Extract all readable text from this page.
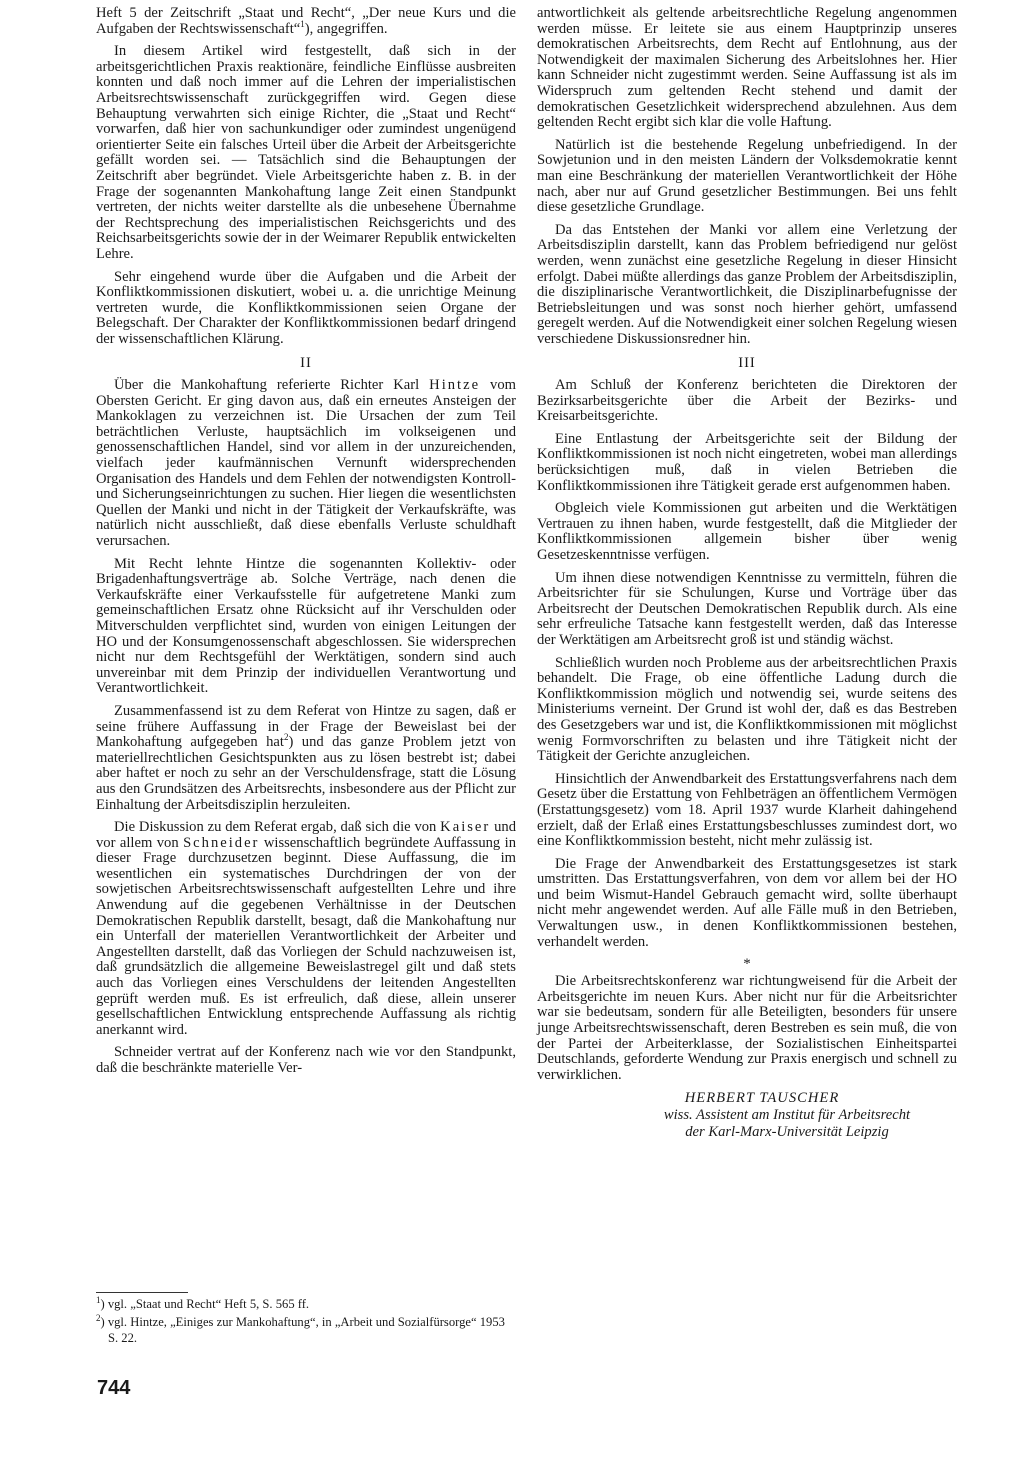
Heft 5 der Zeitschrift „Staat und Recht“, „Der neue Kurs und die Aufgaben der Rechtswissenschaft“$^1$), angegriffen.

In diesem Artikel wird festgestellt, daß sich in der arbeitsgerichtlichen Praxis reaktionäre, feindliche Einflüsse ausbreiten konnten und daß noch immer auf die Lehren der imperialistischen Arbeitsrechtswissenschaft zurückgegriffen wird. Gegen diese Behauptung verwahrten sich einige Richter, die „Staat und Recht“ vorwarfen, daß hier von sachunkundiger oder zumindest ungenügend orientierter Seite ein falsches Urteil über die Arbeit der Arbeitsgerichte gefällt worden sei. — Tatsächlich sind die Behauptungen der Zeitschrift aber begründet. Viele Arbeitsgerichte haben z. B. in der Frage der sogenannten Mankohaftung lange Zeit einen Standpunkt vertreten, der nichts weiter darstellte als die unbesehene Übernahme der Rechtsprechung des imperialistischen Reichsgerichts und des Reichsarbeitsgerichts sowie der in der Weimarer Republik entwickelten Lehre.

Sehr eingehend wurde über die Aufgaben und die Arbeit der Konfliktkommissionen diskutiert, wobei u. a. die unrichtige Meinung vertreten wurde, die Konfliktkommissionen seien Organe der Belegschaft. Der Charakter der Konfliktkommissionen bedarf dringend der wissenschaftlichen Klärung.

II

Über die Mankohaftung referierte Richter Karl Hintze vom Obersten Gericht. Er ging davon aus, daß ein erneutes Ansteigen der Mankoklagen zu verzeichnen ist. Die Ursachen der zum Teil beträchtlichen Verluste, hauptsächlich im volkseigenen und genossenschaftlichen Handel, sind vor allem in der unzureichenden, vielfach jeder kaufmännischen Vernunft widersprechenden Organisation des Handels und dem Fehlen der notwendigsten Kontroll- und Sicherungseinrichtungen zu suchen. Hier liegen die wesentlichsten Quellen der Manki und nicht in der Tätigkeit der Verkaufskräfte, was natürlich nicht ausschließt, daß diese ebenfalls Verluste schuldhaft verursachen.

Mit Recht lehnte Hintze die sogenannten Kollektiv- oder Brigadenhaftungsverträge ab. Solche Verträge, nach denen die Verkaufskräfte einer Verkaufsstelle für aufgetretene Manki zum gemeinschaftlichen Ersatz ohne Rücksicht auf ihr Verschulden oder Mitverschulden verpflichtet sind, wurden von einigen Leitungen der HO und der Konsumgenossenschaft abgeschlossen. Sie widersprechen nicht nur dem Rechtsgefühl der Werktätigen, sondern sind auch unvereinbar mit dem Prinzip der individuellen Verantwortung und Verantwortlichkeit.

Zusammenfassend ist zu dem Referat von Hintze zu sagen, daß er seine frühere Auffassung in der Frage der Beweislast bei der Mankohaftung aufgegeben hat$^2$) und das ganze Problem jetzt von materiellrechtlichen Gesichtspunkten aus zu lösen bestrebt ist; dabei aber haftet er noch zu sehr an der Verschuldensfrage, statt die Lösung aus den Grundsätzen des Arbeitsrechts, insbesondere aus der Pflicht zur Einhaltung der Arbeitsdisziplin herzuleiten.

Die Diskussion zu dem Referat ergab, daß sich die von Kaiser und vor allem von Schneider wissenschaftlich begründete Auffassung in dieser Frage durchzusetzen beginnt. Diese Auffassung, die im wesentlichen ein systematisches Durchdringen der von der sowjetischen Arbeitsrechtswissenschaft aufgestellten Lehre und ihre Anwendung auf die gegebenen Verhältnisse in der Deutschen Demokratischen Republik darstellt, besagt, daß die Mankohaftung nur ein Unterfall der materiellen Verantwortlichkeit der Arbeiter und Angestellten darstellt, daß das Vorliegen der Schuld nachzuweisen ist, daß grundsätzlich die allgemeine Beweislastregel gilt und daß stets auch das Vorliegen eines Verschuldens der leitenden Angestellten geprüft werden muß. Es ist erfreulich, daß diese, allein unserer gesellschaftlichen Entwicklung entsprechende Auffassung als richtig anerkannt wird.

Schneider vertrat auf der Konferenz nach wie vor den Standpunkt, daß die beschränkte materielle Ver-

antwortlichkeit als geltende arbeitsrechtliche Regelung angenommen werden müsse. Er leitete sie aus einem Hauptprinzip unseres demokratischen Arbeitsrechts, dem Recht auf Entlohnung, aus der Notwendigkeit der maximalen Sicherung des Arbeitslohnes her. Hier kann Schneider nicht zugestimmt werden. Seine Auffassung ist als im Widerspruch zum geltenden Recht stehend und damit der demokratischen Gesetzlichkeit widersprechend abzulehnen. Aus dem geltenden Recht ergibt sich klar die volle Haftung.

Natürlich ist die bestehende Regelung unbefriedigend. In der Sowjetunion und in den meisten Ländern der Volksdemokratie kennt man eine Beschränkung der materiellen Verantwortlichkeit der Höhe nach, aber nur auf Grund gesetzlicher Bestimmungen. Bei uns fehlt diese gesetzliche Grundlage.

Da das Entstehen der Manki vor allem eine Verletzung der Arbeitsdisziplin darstellt, kann das Problem befriedigend nur gelöst werden, wenn zunächst eine gesetzliche Regelung in dieser Hinsicht erfolgt. Dabei müßte allerdings das ganze Problem der Arbeitsdisziplin, die disziplinarische Verantwortlichkeit, die Disziplinarbefugnisse der Betriebsleitungen und was sonst noch hierher gehört, umfassend geregelt werden. Auf die Notwendigkeit einer solchen Regelung wiesen verschiedene Diskussionsredner hin.

III

Am Schluß der Konferenz berichteten die Direktoren der Bezirksarbeitsgerichte über die Arbeit der Bezirks- und Kreisarbeitsgerichte.

Eine Entlastung der Arbeitsgerichte seit der Bildung der Konfliktkommissionen ist noch nicht eingetreten, wobei man allerdings berücksichtigen muß, daß in vielen Betrieben die Konfliktkommissionen ihre Tätigkeit gerade erst aufgenommen haben.

Obgleich viele Kommissionen gut arbeiten und die Werktätigen Vertrauen zu ihnen haben, wurde festgestellt, daß die Mitglieder der Konfliktkommissionen allgemein bisher über wenig Gesetzeskenntnisse verfügen.

Um ihnen diese notwendigen Kenntnisse zu vermitteln, führen die Arbeitsrichter für sie Schulungen, Kurse und Vorträge über das Arbeitsrecht der Deutschen Demokratischen Republik durch. Als eine sehr erfreuliche Tatsache kann festgestellt werden, daß das Interesse der Werktätigen am Arbeitsrecht groß ist und ständig wächst.

Schließlich wurden noch Probleme aus der arbeitsrechtlichen Praxis behandelt. Die Frage, ob eine öffentliche Ladung durch die Konfliktkommission möglich und notwendig sei, wurde seitens des Ministeriums verneint. Der Grund ist wohl der, daß es das Bestreben des Gesetzgebers war und ist, die Konfliktkommissionen mit möglichst wenig Formvorschriften zu belasten und ihre Tätigkeit nicht der Tätigkeit der Gerichte anzugleichen.

Hinsichtlich der Anwendbarkeit des Erstattungsverfahrens nach dem Gesetz über die Erstattung von Fehlbeträgen an öffentlichem Vermögen (Erstattungsgesetz) vom 18. April 1937 wurde Klarheit dahingehend erzielt, daß der Erlaß eines Erstattungsbeschlusses zumindest dort, wo eine Konfliktkommission besteht, nicht mehr zulässig ist.

Die Frage der Anwendbarkeit des Erstattungsgesetzes ist stark umstritten. Das Erstattungsverfahren, von dem vor allem bei der HO und beim Wismut-Handel Gebrauch gemacht wird, sollte überhaupt nicht mehr angewendet werden. Auf alle Fälle muß in den Betrieben, Verwaltungen usw., in denen Konfliktkommissionen bestehen, verhandelt werden.

*

Die Arbeitsrechtskonferenz war richtungweisend für die Arbeit der Arbeitsgerichte im neuen Kurs. Aber nicht nur für die Arbeitsrichter war sie bedeutsam, sondern für alle Beteiligten, besonders für unsere junge Arbeitsrechtswissenschaft, deren Bestreben es sein muß, die von der Partei der Arbeiterklasse, der Sozialistischen Einheitspartei Deutschlands, geforderte Wendung zur Praxis energisch und schnell zu verwirklichen.

HERBERT TAUSCHER
wiss. Assistent am Institut für Arbeitsrecht
der Karl-Marx-Universität Leipzig
$^1$) vgl. „Staat und Recht“ Heft 5, S. 565 ff.
$^2$) vgl. Hintze, „Einiges zur Mankohaftung“, in „Arbeit und Sozialfürsorge“ 1953 S. 22.
744
